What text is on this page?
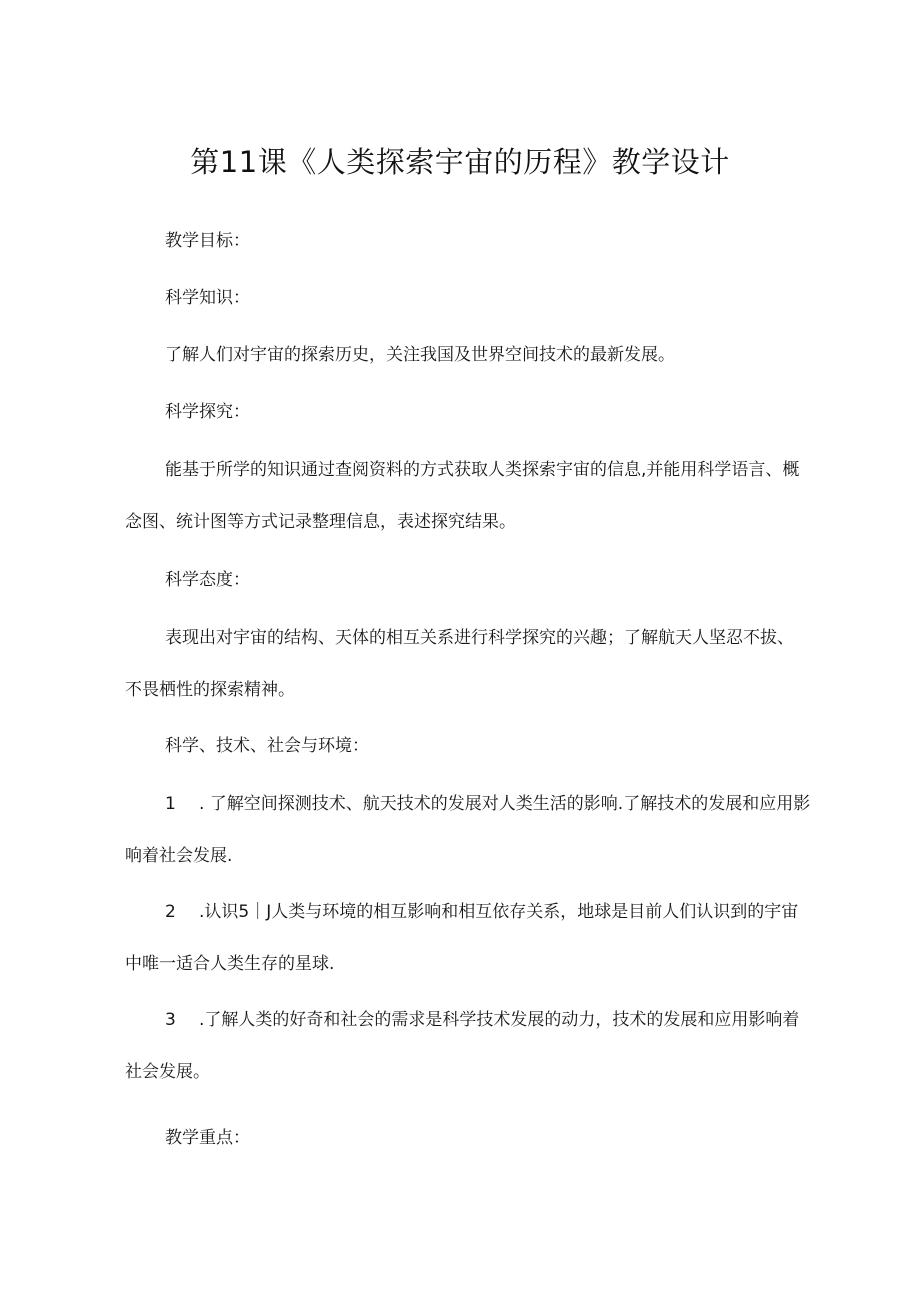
第11课《人类探索宇宙的历程》教学设计

教学目标：

科学知识：

了解人们对宇宙的探索历史，关注我国及世界空间技术的最新发展。

科学探究：

能基于所学的知识通过查阅资料的方式获取人类探索宇宙的信息,并能用科学语言、概

念图、统计图等方式记录整理信息，表述探究结果。

科学态度：

表现出对宇宙的结构、天体的相互关系进行科学探究的兴趣；了解航天人坚忍不拔、

不畏栖性的探索精神。

科学、技术、社会与环境：

1 . 了解空间探测技术、航天技术的发展对人类生活的影响.了解技术的发展和应用影

响着社会发展.

2 .认识5｜J人类与环境的相互影响和相互依存关系，地球是目前人们认识到的宇宙

中唯一适合人类生存的星球.

3 .了解人类的好奇和社会的需求是科学技术发展的动力，技术的发展和应用影响着

社会发展。

教学重点：
